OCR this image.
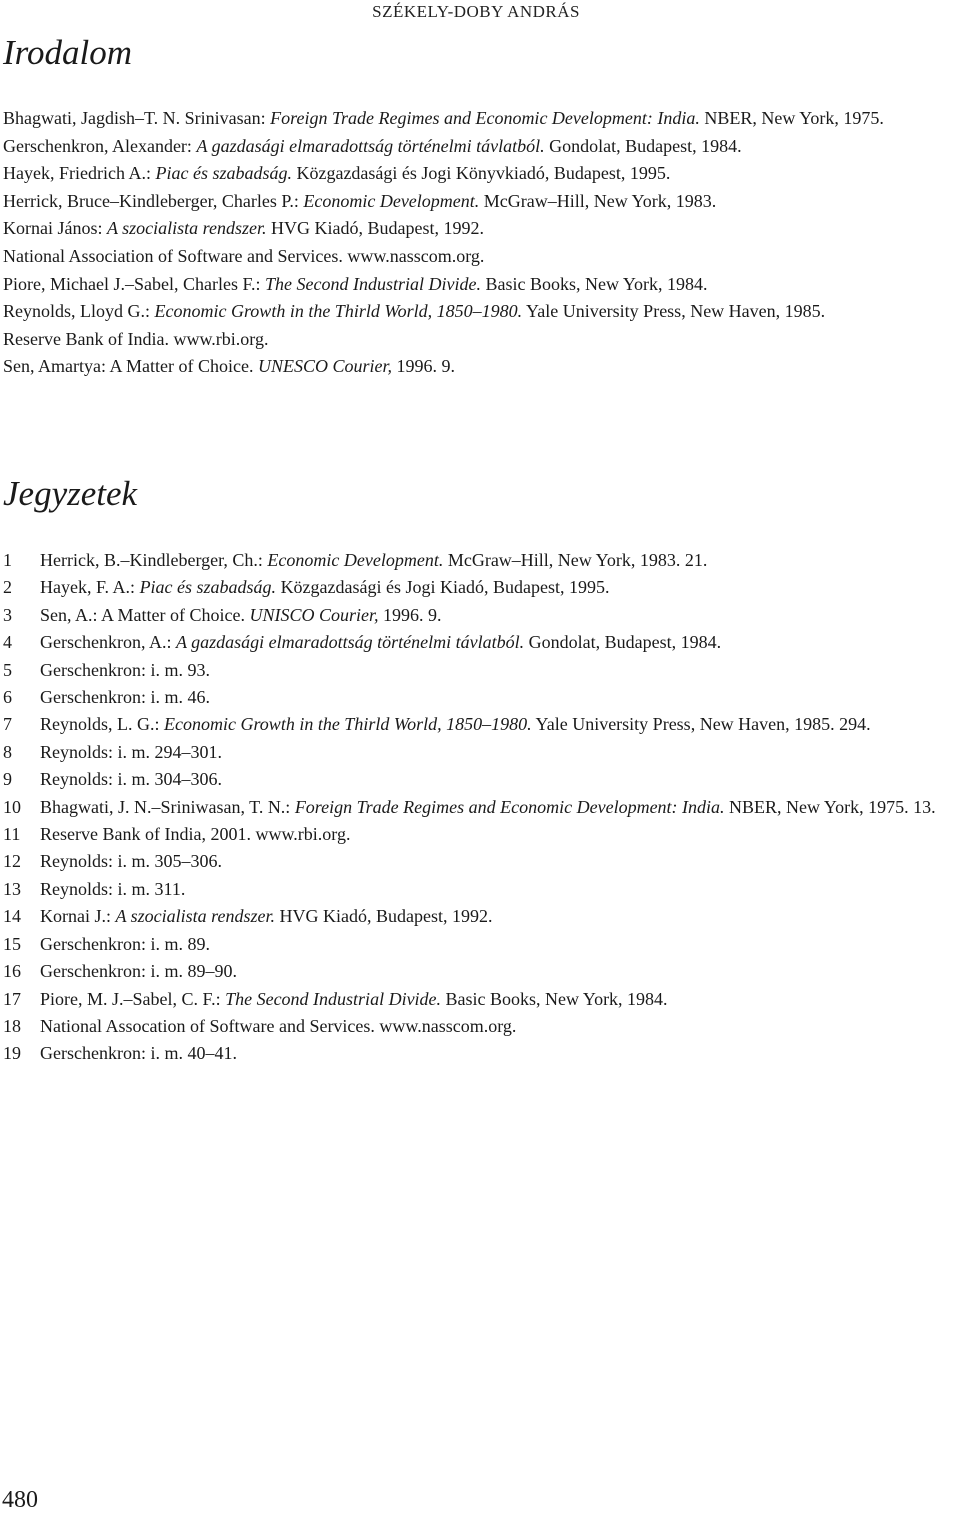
SZÉKELY-DOBY ANDRÁS
Irodalom
Bhagwati, Jagdish–T. N. Srinivasan: Foreign Trade Regimes and Economic Development: India. NBER, New York, 1975.
Gerschenkron, Alexander: A gazdasági elmaradottság történelmi távlatból. Gondolat, Budapest, 1984.
Hayek, Friedrich A.: Piac és szabadság. Közgazdasági és Jogi Könyvkiadó, Budapest, 1995.
Herrick, Bruce–Kindleberger, Charles P.: Economic Development. McGraw–Hill, New York, 1983.
Kornai János: A szocialista rendszer. HVG Kiadó, Budapest, 1992.
National Association of Software and Services. www.nasscom.org.
Piore, Michael J.–Sabel, Charles F.: The Second Industrial Divide. Basic Books, New York, 1984.
Reynolds, Lloyd G.: Economic Growth in the Thirld World, 1850–1980. Yale University Press, New Haven, 1985.
Reserve Bank of India. www.rbi.org.
Sen, Amartya: A Matter of Choice. UNESCO Courier, 1996. 9.
Jegyzetek
1	Herrick, B.–Kindleberger, Ch.: Economic Development. McGraw–Hill, New York, 1983. 21.
2	Hayek, F. A.: Piac és szabadság. Közgazdasági és Jogi Kiadó, Budapest, 1995.
3	Sen, A.: A Matter of Choice. UNISCO Courier, 1996. 9.
4	Gerschenkron, A.: A gazdasági elmaradottság történelmi távlatból. Gondolat, Budapest, 1984.
5	Gerschenkron: i. m. 93.
6	Gerschenkron: i. m. 46.
7	Reynolds, L. G.: Economic Growth in the Thirld World, 1850–1980. Yale University Press, New Haven, 1985. 294.
8	Reynolds: i. m. 294–301.
9	Reynolds: i. m. 304–306.
10	Bhagwati, J. N.–Sriniwasan, T. N.: Foreign Trade Regimes and Economic Development: India. NBER, New York, 1975. 13.
11	Reserve Bank of India, 2001. www.rbi.org.
12	Reynolds: i. m. 305–306.
13	Reynolds: i. m. 311.
14	Kornai J.: A szocialista rendszer. HVG Kiadó, Budapest, 1992.
15	Gerschenkron: i. m. 89.
16	Gerschenkron: i. m. 89–90.
17	Piore, M. J.–Sabel, C. F.: The Second Industrial Divide. Basic Books, New York, 1984.
18	National Assocation of Software and Services. www.nasscom.org.
19	Gerschenkron: i. m. 40–41.
480
